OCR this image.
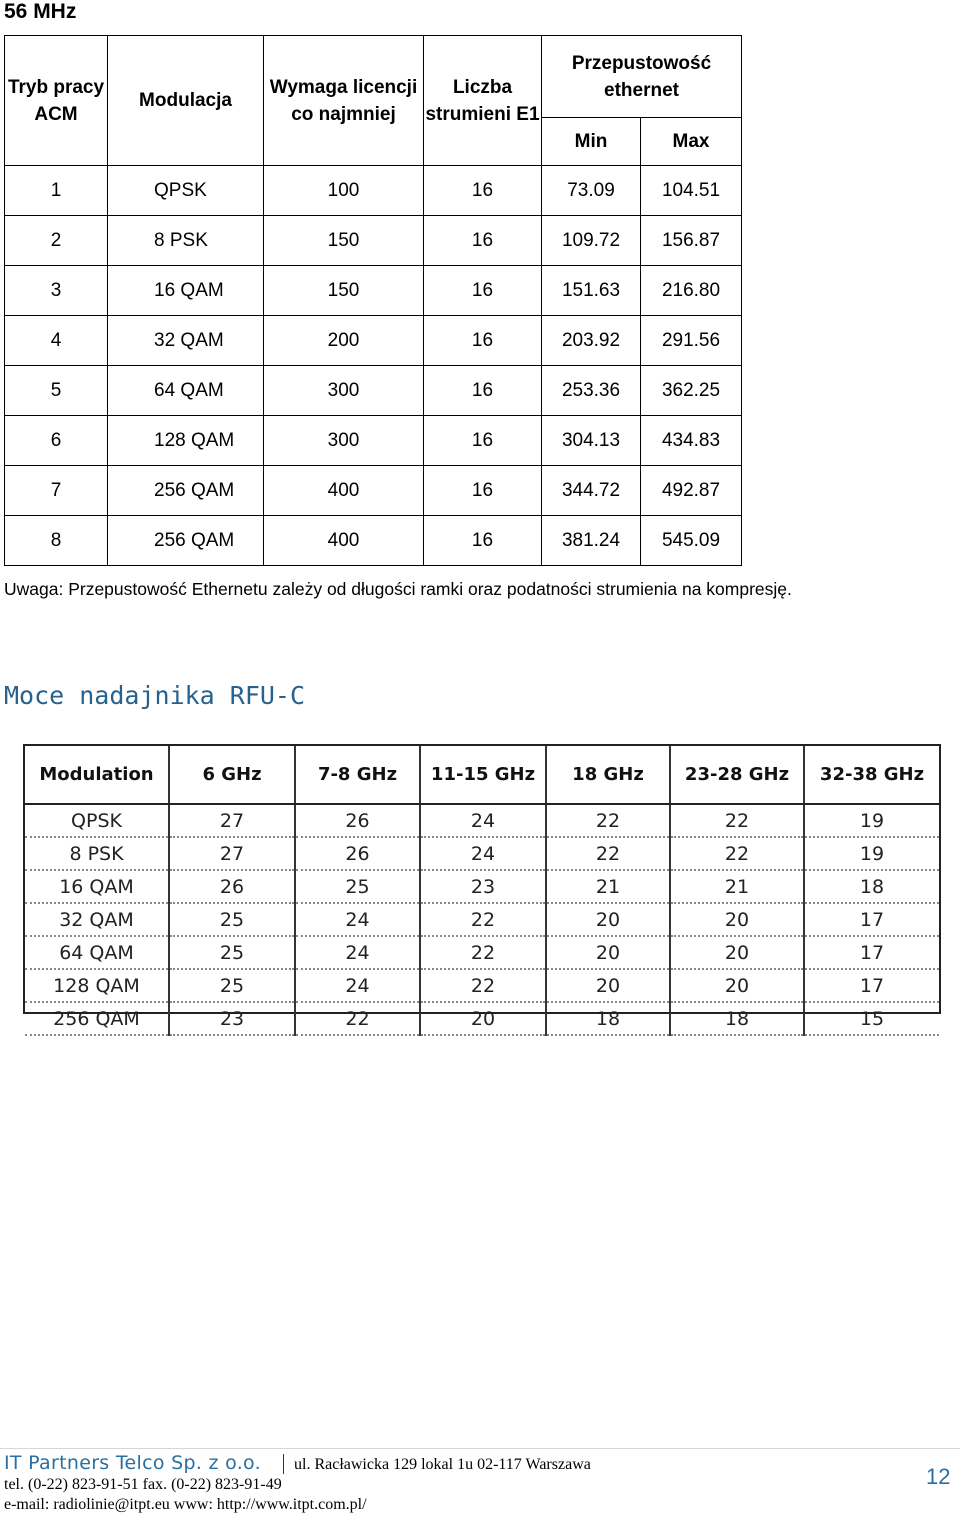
56 MHz
Tryb pracy ACM	Modulacja	Wymaga licencji co najmniej	Liczba strumieni E1	Przepustowość ethernet	
				Min	Max
1	QPSK	100	16	73.09	104.51
2	8 PSK	150	16	109.72	156.87
3	16 QAM	150	16	151.63	216.80
4	32 QAM	200	16	203.92	291.56
5	64 QAM	300	16	253.36	362.25
6	128 QAM	300	16	304.13	434.83
7	256 QAM	400	16	344.72	492.87
8	256 QAM	400	16	381.24	545.09
Uwaga: Przepustowość Ethernetu zależy od długości ramki oraz podatności strumienia na kompresję.
Moce nadajnika RFU-C
Modulation	6 GHz	7-8 GHz	11-15 GHz	18 GHz	23-28 GHz	32-38 GHz
QPSK	27	26	24	22	22	19
8 PSK	27	26	24	22	22	19
16 QAM	26	25	23	21	21	18
32 QAM	25	24	22	20	20	17
64 QAM	25	24	22	20	20	17
128 QAM	25	24	22	20	20	17
256 QAM	23	22	20	18	18	15
IT Partners Telco Sp. z o.o. ul. Racławicka 129 lokal 1u 02-117 Warszawa
tel. (0-22) 823-91-51 fax. (0-22) 823-91-49
e-mail: radiolinie@itpt.eu www: http://www.itpt.com.pl/
12
